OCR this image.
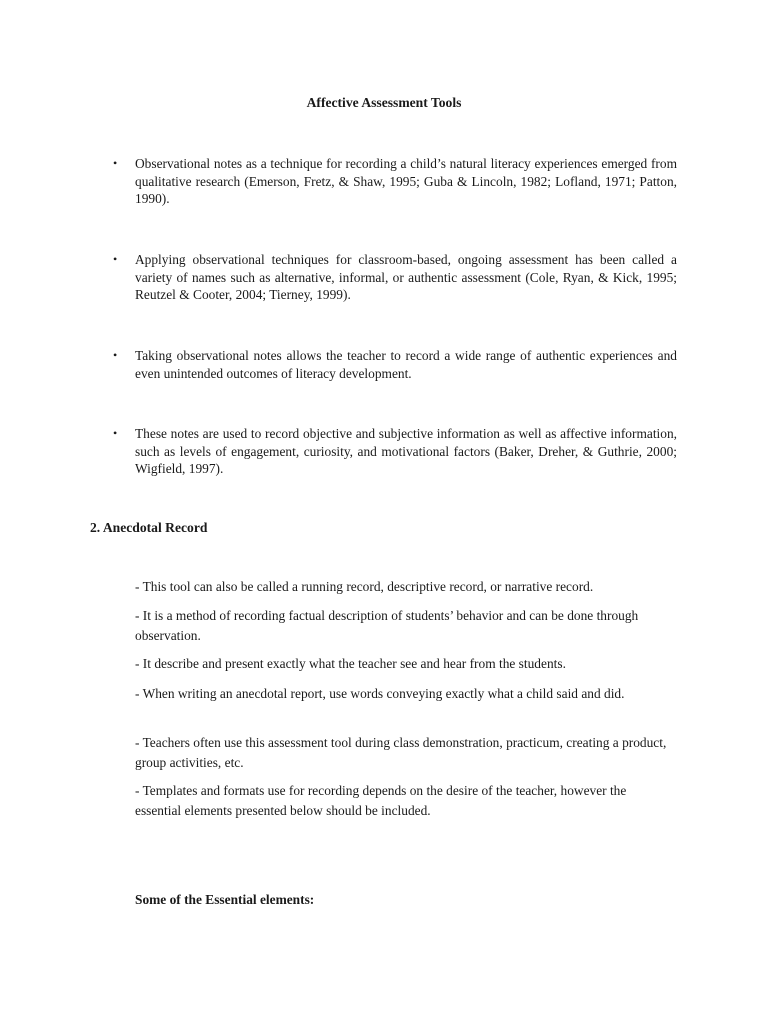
Affective Assessment Tools
• Observational notes as a technique for recording a child’s natural literacy experiences emerged from qualitative research (Emerson, Fretz, & Shaw, 1995; Guba & Lincoln, 1982; Lofland, 1971; Patton, 1990).
• Applying observational techniques for classroom-based, ongoing assessment has been called a variety of names such as alternative, informal, or authentic assessment (Cole, Ryan, & Kick, 1995; Reutzel & Cooter, 2004; Tierney, 1999).
• Taking observational notes allows the teacher to record a wide range of authentic experiences and even unintended outcomes of literacy development.
• These notes are used to record objective and subjective information as well as affective information, such as levels of engagement, curiosity, and motivational factors (Baker, Dreher, & Guthrie, 2000; Wigfield, 1997).
2. Anecdotal Record
- This tool can also be called a running record, descriptive record, or narrative record.
- It is a method of recording factual description of students’ behavior and can be done through observation.
- It describe and present exactly what the teacher see and hear from the students.
- When writing an anecdotal report, use words conveying exactly what a child said and did.
- Teachers often use this assessment tool during class demonstration, practicum, creating a product, group activities, etc.
- Templates and formats use for recording depends on the desire of the teacher, however the essential elements presented below should be included.
Some of the Essential elements:
